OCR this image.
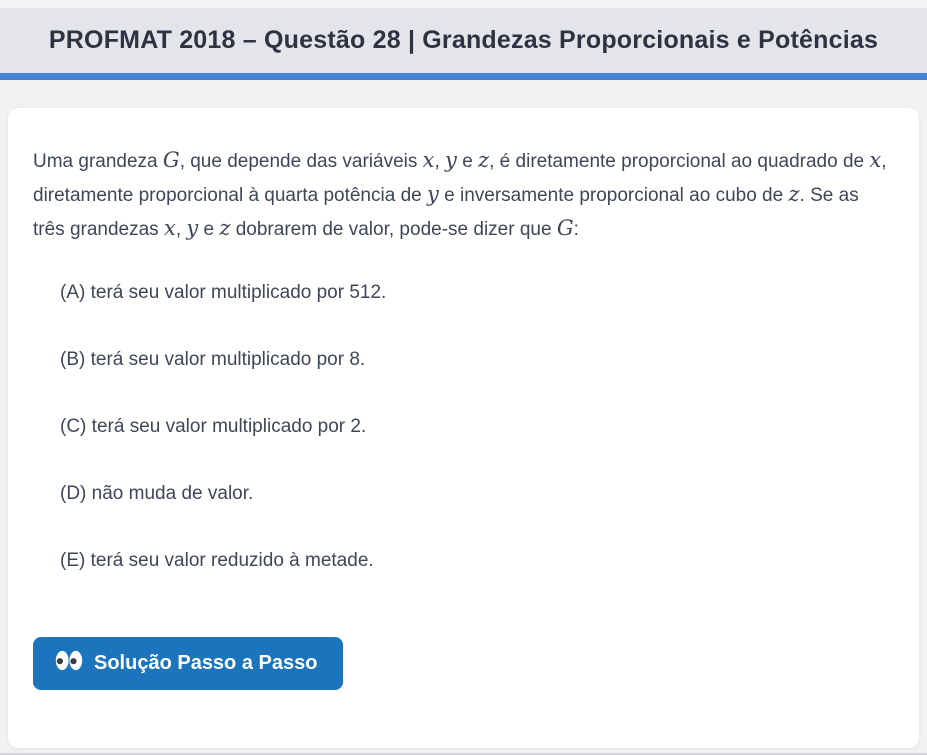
PROFMAT 2018 – Questão 28 | Grandezas Proporcionais e Potências

Uma grandeza G, que depende das variáveis x, y e z, é diretamente proporcional ao quadrado de x, diretamente proporcional à quarta potência de y e inversamente proporcional ao cubo de z. Se as três grandezas x, y e z dobrarem de valor, pode-se dizer que G:

(A) terá seu valor multiplicado por 512.
(B) terá seu valor multiplicado por 8.
(C) terá seu valor multiplicado por 2.
(D) não muda de valor.
(E) terá seu valor reduzido à metade.
Solução Passo a Passo
